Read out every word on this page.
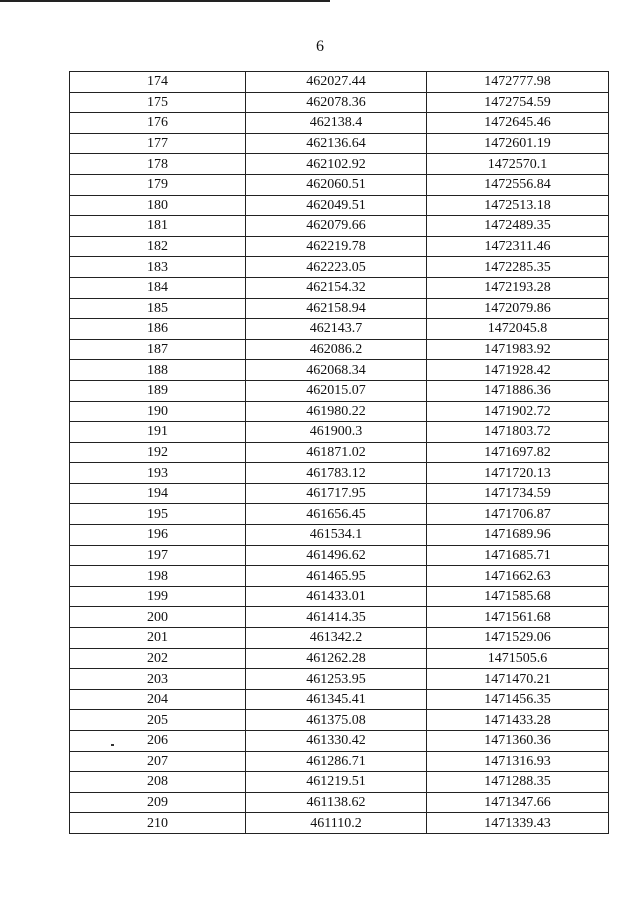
6
174	462027.44	1472777.98
175	462078.36	1472754.59
176	462138.4	1472645.46
177	462136.64	1472601.19
178	462102.92	1472570.1
179	462060.51	1472556.84
180	462049.51	1472513.18
181	462079.66	1472489.35
182	462219.78	1472311.46
183	462223.05	1472285.35
184	462154.32	1472193.28
185	462158.94	1472079.86
186	462143.7	1472045.8
187	462086.2	1471983.92
188	462068.34	1471928.42
189	462015.07	1471886.36
190	461980.22	1471902.72
191	461900.3	1471803.72
192	461871.02	1471697.82
193	461783.12	1471720.13
194	461717.95	1471734.59
195	461656.45	1471706.87
196	461534.1	1471689.96
197	461496.62	1471685.71
198	461465.95	1471662.63
199	461433.01	1471585.68
200	461414.35	1471561.68
201	461342.2	1471529.06
202	461262.28	1471505.6
203	461253.95	1471470.21
204	461345.41	1471456.35
205	461375.08	1471433.28
206	461330.42	1471360.36
207	461286.71	1471316.93
208	461219.51	1471288.35
209	461138.62	1471347.66
210	461110.2	1471339.43
